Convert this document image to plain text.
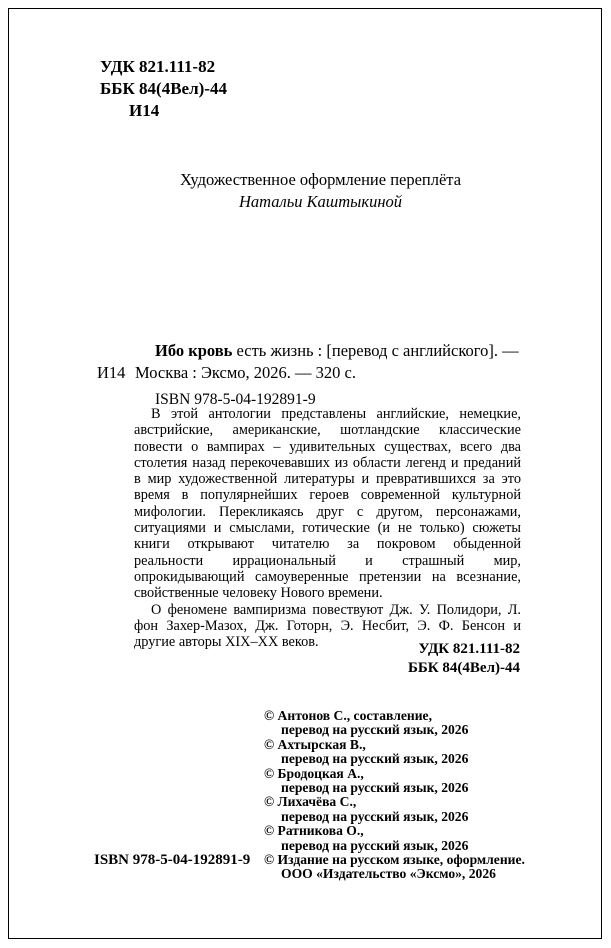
УДК 821.111-82
ББК 84(4Вел)-44
И14
Художественное оформление переплёта
Натальи Каштыкиной
Ибо кровь есть жизнь : [перевод с английского]. —
И14 Москва : Эксмо, 2026. — 320 с.
ISBN 978-5-04-192891-9

В этой антологии представлены английские, немецкие, австрийские, американские, шотландские классические повести о вампирах – удивительных существах, всего два столетия назад перекочевавших из области легенд и преданий в мир художественной литературы и превратившихся за это время в популярнейших героев современной культурной мифологии. Перекликаясь друг с другом, персонажами, ситуациями и смыслами, готические (и не только) сюжеты книги открывают читателю за покровом обыденной реальности иррациональный и страшный мир, опрокидывающий самоуверенные претензии на всезнание, свойственные человеку Нового времени.

О феномене вампиризма повествуют Дж. У. Полидори, Л. фон Захер-Мазох, Дж. Готорн, Э. Несбит, Э. Ф. Бенсон и другие авторы XIX–XX веков.	УДК 821.111-82
ББК 84(4Вел)-44
© Антонов С., составление,
перевод на русский язык, 2026
© Ахтырская В.,
перевод на русский язык, 2026
© Бродоцкая А.,
перевод на русский язык, 2026
© Лихачёва С.,
перевод на русский язык, 2026
© Ратникова О.,
перевод на русский язык, 2026
© Издание на русском языке, оформление.
ООО «Издательство «Эксмо», 2026
ISBN 978-5-04-192891-9
